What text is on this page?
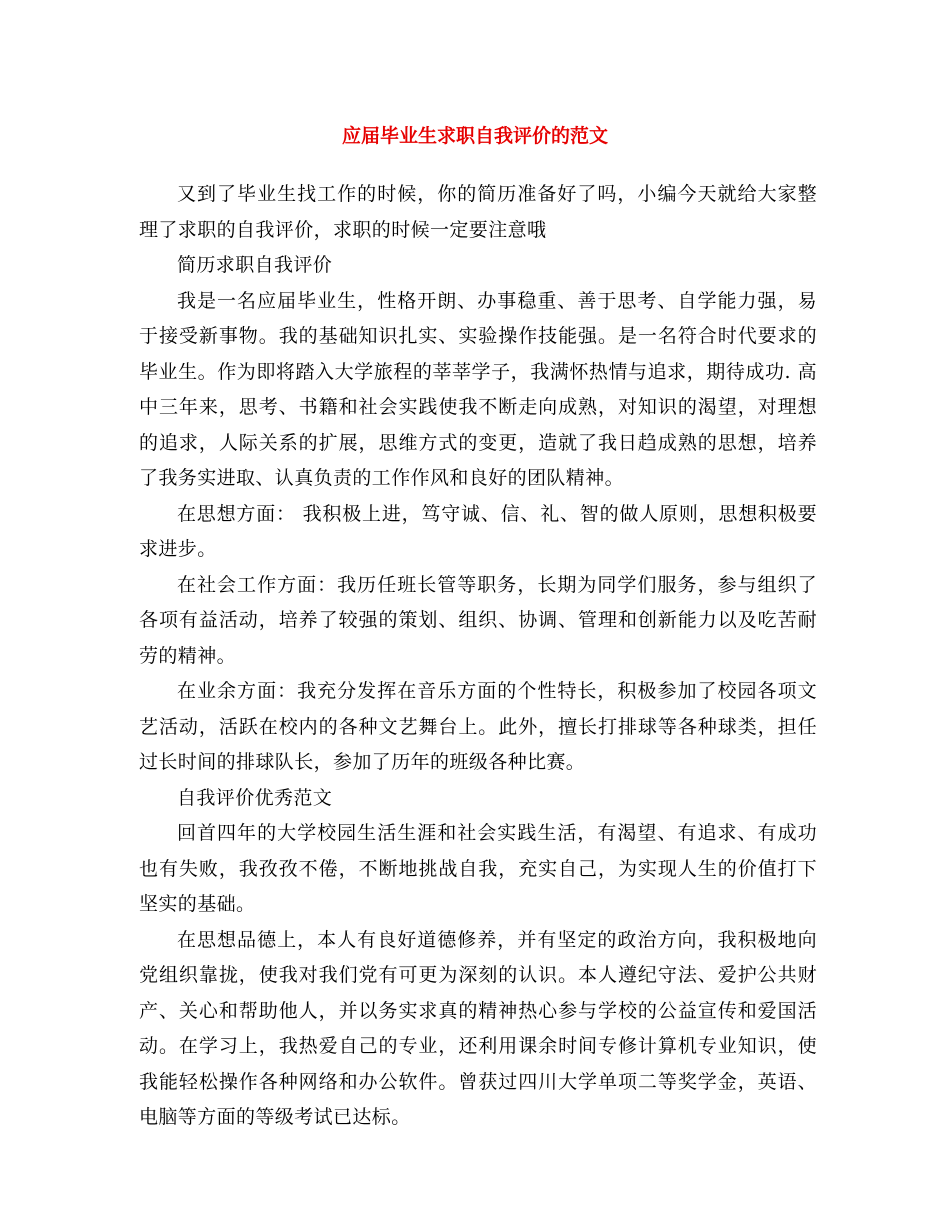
应届毕业生求职自我评价的范文

又到了毕业生找工作的时候，你的简历准备好了吗，小编今天就给大家整理了求职的自我评价，求职的时候一定要注意哦

简历求职自我评价

我是一名应届毕业生，性格开朗、办事稳重、善于思考、自学能力强，易于接受新事物。我的基础知识扎实、实验操作技能强。是一名符合时代要求的毕业生。作为即将踏入大学旅程的莘莘学子，我满怀热情与追求，期待成功. 高中三年来，思考、书籍和社会实践使我不断走向成熟，对知识的渴望，对理想的追求，人际关系的扩展，思维方式的变更，造就了我日趋成熟的思想，培养了我务实进取、认真负责的工作作风和良好的团队精神。

在思想方面： 我积极上进，笃守诚、信、礼、智的做人原则，思想积极要求进步。

在社会工作方面：我历任班长管等职务，长期为同学们服务，参与组织了各项有益活动，培养了较强的策划、组织、协调、管理和创新能力以及吃苦耐劳的精神。

在业余方面：我充分发挥在音乐方面的个性特长，积极参加了校园各项文艺活动，活跃在校内的各种文艺舞台上。此外，擅长打排球等各种球类，担任过长时间的排球队长，参加了历年的班级各种比赛。

自我评价优秀范文

回首四年的大学校园生活生涯和社会实践生活，有渴望、有追求、有成功也有失败，我孜孜不倦，不断地挑战自我，充实自己，为实现人生的价值打下坚实的基础。

在思想品德上，本人有良好道德修养，并有坚定的政治方向，我积极地向党组织靠拢，使我对我们党有可更为深刻的认识。本人遵纪守法、爱护公共财产、关心和帮助他人，并以务实求真的精神热心参与学校的公益宣传和爱国活动。在学习上，我热爱自己的专业，还利用课余时间专修计算机专业知识，使我能轻松操作各种网络和办公软件。曾获过四川大学单项二等奖学金，英语、电脑等方面的等级考试已达标。
